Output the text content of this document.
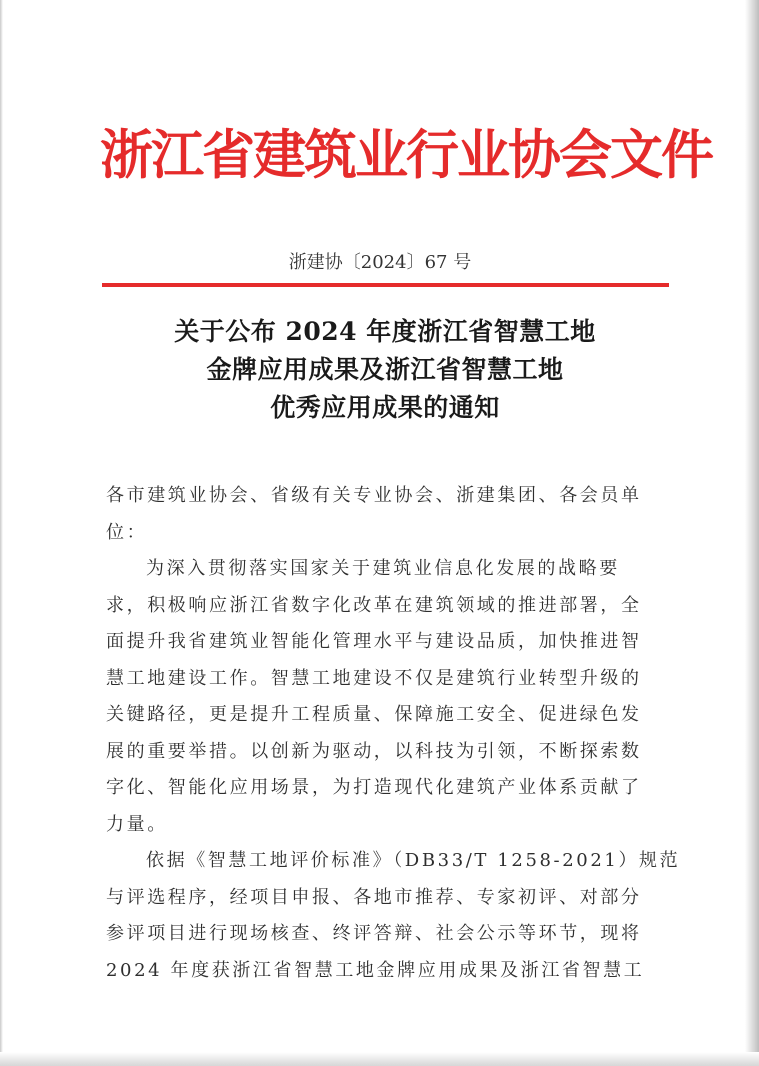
浙江省建筑业行业协会文件
浙建协〔2024〕67 号
关于公布 2024 年度浙江省智慧工地
金牌应用成果及浙江省智慧工地
优秀应用成果的通知
各市建筑业协会、省级有关专业协会、浙建集团、各会员单
位：
为深入贯彻落实国家关于建筑业信息化发展的战略要
求，积极响应浙江省数字化改革在建筑领域的推进部署，全
面提升我省建筑业智能化管理水平与建设品质，加快推进智
慧工地建设工作。智慧工地建设不仅是建筑行业转型升级的
关键路径，更是提升工程质量、保障施工安全、促进绿色发
展的重要举措。以创新为驱动，以科技为引领，不断探索数
字化、智能化应用场景，为打造现代化建筑产业体系贡献了
力量。
依据《智慧工地评价标准》（DB33/T 1258-2021）规范
与评选程序，经项目申报、各地市推荐、专家初评、对部分
参评项目进行现场核查、终评答辩、社会公示等环节，现将
2024 年度获浙江省智慧工地金牌应用成果及浙江省智慧工
